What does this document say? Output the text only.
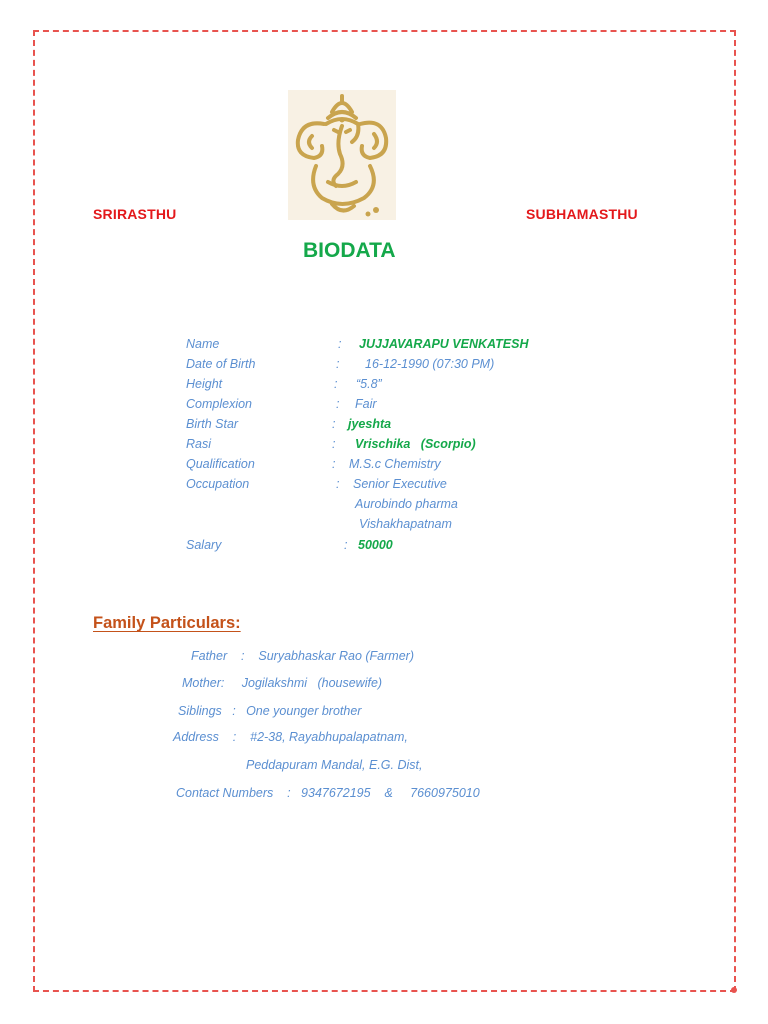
SRIRASTHU	SUBHAMASTHU
BIODATA
Name	: JUJJAVARAPU VENKATESH
Date of Birth	: 16-12-1990 (07:30 PM)
Height	: “5.8”
Complexion	: Fair
Birth Star	: jyeshta
Rasi	: Vrischika   (Scorpio)
Qualification	: M.S.c Chemistry
Occupation	: Senior Executive
Aurobindo pharma
Vishakhapatnam
Salary	: 50000
Family Particulars:
Father    :    Suryabhaskar Rao (Farmer)
Mother:     Jogilakshmi   (housewife)
Siblings   :   One younger brother
Address    :    #2-38, Rayabhupalapatnam,
Peddapuram Mandal, E.G. Dist,
Contact Numbers    :   9347672195    &     7660975010
